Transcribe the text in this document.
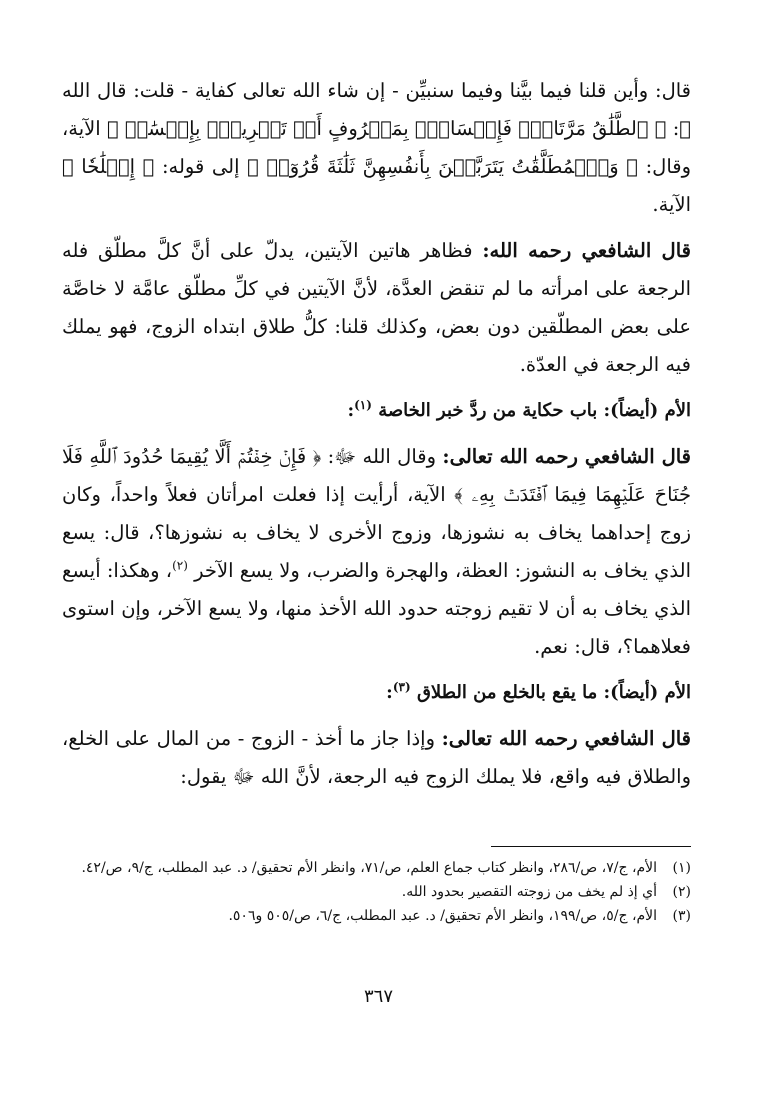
قال: وأين قلنا فيما بيَّنا وفيما سنبيِّن - إن شاء الله تعالى كفاية - قلت: قال الله ﷻ: ﴿ ٱلطَّلَٰقُ مَرَّتَانِۖ فَإِمۡسَاكُۢ بِمَعۡرُوفٍ أَوۡ تَسۡرِيحُۢ بِإِحۡسَٰنٖ ﴾ الآية، وقال: ﴿ وَٱلۡمُطَلَّقَٰتُ يَتَرَبَّصۡنَ بِأَنفُسِهِنَّ ثَلَٰثَةَ قُرُوٓءٖ ﴾ إلى قوله: ﴿ إِصۡلَٰحٗا ﴾ الآية.

قال الشافعي رحمه الله: فظاهر هاتين الآيتين، يدلّ على أنَّ كلَّ مطلّق فله الرجعة على امرأته ما لم تنقض العدَّة، لأنَّ الآيتين في كلِّ مطلّق عامَّة لا خاصَّة على بعض المطلّقين دون بعض، وكذلك قلنا: كلُّ طلاق ابتداه الزوج، فهو يملك فيه الرجعة في العدّة.

الأم (أيضاً): باب حكاية من ردَّ خبر الخاصة $^{(١)}$:

قال الشافعي رحمه الله تعالى: وقال الله ﷻ: ﴿ فَإِنۡ خِفۡتُمۡ أَلَّا يُقِيمَا حُدُودَ ٱللَّهِ فَلَا جُنَاحَ عَلَيۡهِمَا فِيمَا ٱفۡتَدَتۡ بِهِۦ ﴾ الآية، أرأيت إذا فعلت امرأتان فعلاً واحداً، وكان زوج إحداهما يخاف به نشوزها، وزوج الأخرى لا يخاف به نشوزها؟، قال: يسع الذي يخاف به النشوز: العظة، والهجرة والضرب، ولا يسع الآخر $^{(٢)}$، وهكذا: أيسع الذي يخاف به أن لا تقيم زوجته حدود الله الأخذ منها، ولا يسع الآخر، وإن استوى فعلاهما؟، قال: نعم.

الأم (أيضاً): ما يقع بالخلع من الطلاق $^{(٣)}$:

قال الشافعي رحمه الله تعالى: وإذا جاز ما أخذ - الزوج - من المال على الخلع، والطلاق فيه واقع، فلا يملك الزوج فيه الرجعة، لأنَّ الله ﷻ يقول:

(١)
الأم، ج/٧، ص/٢٨٦، وانظر كتاب جماع العلم، ص/٧١، وانظر الأم تحقيق/ د. عبد المطلب، ج/٩، ص/٤٢.

(٢)
أي إذ لم يخف من زوجته التقصير بحدود الله.

(٣)
الأم، ج/٥، ص/١٩٩، وانظر الأم تحقيق/ د. عبد المطلب، ج/٦، ص/٥٠٥ و٥٠٦.

٣٦٧
